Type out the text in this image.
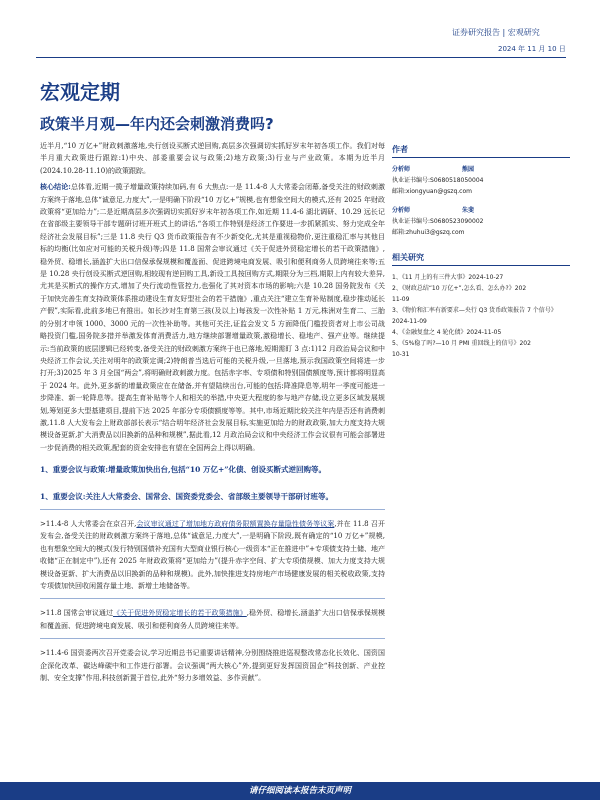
证券研究报告 | 宏观研究
2024 年 11 月 10 日
宏观定期
政策半月观—年内还会刺激消费吗?

近半月,“10 万亿+”财政刺激落地,央行创设买断式逆回购,高层多次强调切实抓好岁末年初各项工作。我们对每半月重大政策进行跟踪:1)中央、部委重要会议与政策;2)地方政策;3)行业与产业政策。本期为近半月(2024.10.28-11.10)的政策跟踪。

核心结论:总体看,近期一揽子增量政策持续加码,有 6 大焦点:一是 11.4-8 人大常委会闭幕,备受关注的财政刺激方案终于落地,总体“诚意足,力度大”,一是明确下阶段“10 万亿+”规模,也有想象空间大的模式,还有 2025 年财政政策将“更加给力”;二是近期高层多次强调切实抓好岁末年初各项工作,如近期 11.4-6 湖北调研、10.29 远长记在省部级主要领导干部专题研讨班开班式上的讲话,“各项工作特别是经济工作要进一步抓紧抓实、努力完成全年经济社会发展目标”;三是 11.8 央行 Q3 货币政策报告有不少新变化,尤其是重视稳物价,更注重稳汇率与其他目标的均衡(比如应对可能的关税升级)等;四是 11.8 国常会审议通过《关于促进外贸稳定增长的若干政策措施》,稳外贸、稳增长,涵盖扩大出口信保承保规模和覆盖面、促进跨境电商发展、吸引和便利商务人员跨境往来等;五是 10.28 央行创设买断式逆回购,相较现有逆回购工具,新设工具按回购方式,期限分为三档,期限上内有较大差异,尤其是买断式的操作方式,增加了央行流动性管控力,也强化了其对资本市场的影响;六是 10.28 国务院发布《关于加快完善生育支持政策体系推动建设生育友好型社会的若干措施》,重点关注“建立生育补贴制度,稳步推动延长产假”,实际看,此前多地已有推出。如长沙对生育第三孩(及以上)每孩发一次性补贴 1 万元,株洲对生育二、三胎的分别才申领 1000、3000 元的一次性补助等。其他可关注,证监会发文 5 方面降低门槛投资者对上市公司战略投资门槛,国务院多措并举激发体育消费活力,地方继续部署增量政策,激稳增长、稳地产、强产业等。继续提示:当前政策的底层逻辑已经转变,备受关注的财政刺激方案终于也已落地,短期需盯 3 点:1)12 月政治局会议和中央经济工作会议,关注对明年的政策定调;2)特朗普当选后可能的关税升级,一旦落地,预示我国政策空间将进一步打开;3)2025 年 3 月全国“两会”,将明确财政刺激力度。包括赤字率、专项债和特别国债额度等,预计都将明显高于 2024 年。此外,更多新的增量政策应在在储备,并有望陆续出台,可能的包括:降准降息等,明年一季度可能进一步降准、新一轮降息等。提高生育补贴等个人和相关的举措,中央更大程度的参与地产存储,设立更多区域发展规划,筹划更多大型基建项目,提前下达 2025 年部分专项债额度等等。其中,市场近期比较关注年内是否还有消费刺激,11.8 人大发布会上财政部部长表示“结合明年经济社会发展目标,实施更加给力的财政政策,加大力度支持大规模设备更新,扩大消费品以旧换新的品种和规模”,据此看,12 月政治局会议和中央经济工作会议很有可能会部署进一步促消费的相关政策,配套的资金安排也有望在全国两会上得以明确。

1、重要会议与政策:增量政策加快出台,包括“10 万亿+”化债、创设买断式逆回购等。

1、重要会议:关注人大常委会、国常会、国资委党委会、省部级主要领导干部研讨班等。

>11.4-8 人大常委会在京召开,会议审议通过了增加地方政府债务限额置换存量隐性债务等议案,并在 11.8 召开发布会,备受关注的财政刺激方案终于落地,总体“诚意足,力度大”,一是明确下阶段,既有确定的“10 万亿+”规模,也有想象空间大的模式(发行特别国债补充国有大型商业银行核心一级资本“正在推进中”+专项债支持土储、地产收储“正在制定中”),还有 2025 年财政政策将“更加给力”(提升赤字空间、扩大专项债规模、加大力度支持大规模设备更新、扩大消费品以旧换新的品种和规模)。此外,加快推进支持房地产市场健康发展的相关税收政策,支持专项债加快回收闲置存量土地、新增土地储备等。

>11.8 国常会审议通过《关于促进外贸稳定增长的若干政策措施》,稳外贸、稳增长,涵盖扩大出口信保承保规模和覆盖面、促进跨境电商发展、吸引和便利商务人员跨境往来等。

>11.4-6 国资委两次召开党委会议,学习近期总书记重要讲话精神,分别围绕推进巡视整改常态化长效化、国资国企深化改革、碳达峰碳中和工作进行部署。会议强调“两大核心”外,提到更好发挥国资国企“科技创新、产业控制、安全支撑”作用,科技创新置于首位,此外“努力多增效益、多作贡献”。

作者
分析师	熊园
执业证书编号:S0680518050004
邮箱:xiongyuan@gszq.com
分析师	朱斐
执业证书编号:S0680523090002
邮箱:zhuhui3@gszq.com
相关研究
1、《11 月上的有三件大事》2024-10-27
2、《财政总结“10 万亿+”,怎么看、怎么办?》202
11-09
3、《物价和汇率有新要求—央行 Q3 货币政策报告 7 个信号》2024-11-09
4、《金融复盘之 4 轮化债》2024-11-05
5、《5%稳了吗?—10 月 PMI 重回线上的信号》202
10-31
请仔细阅读本报告末页声明
